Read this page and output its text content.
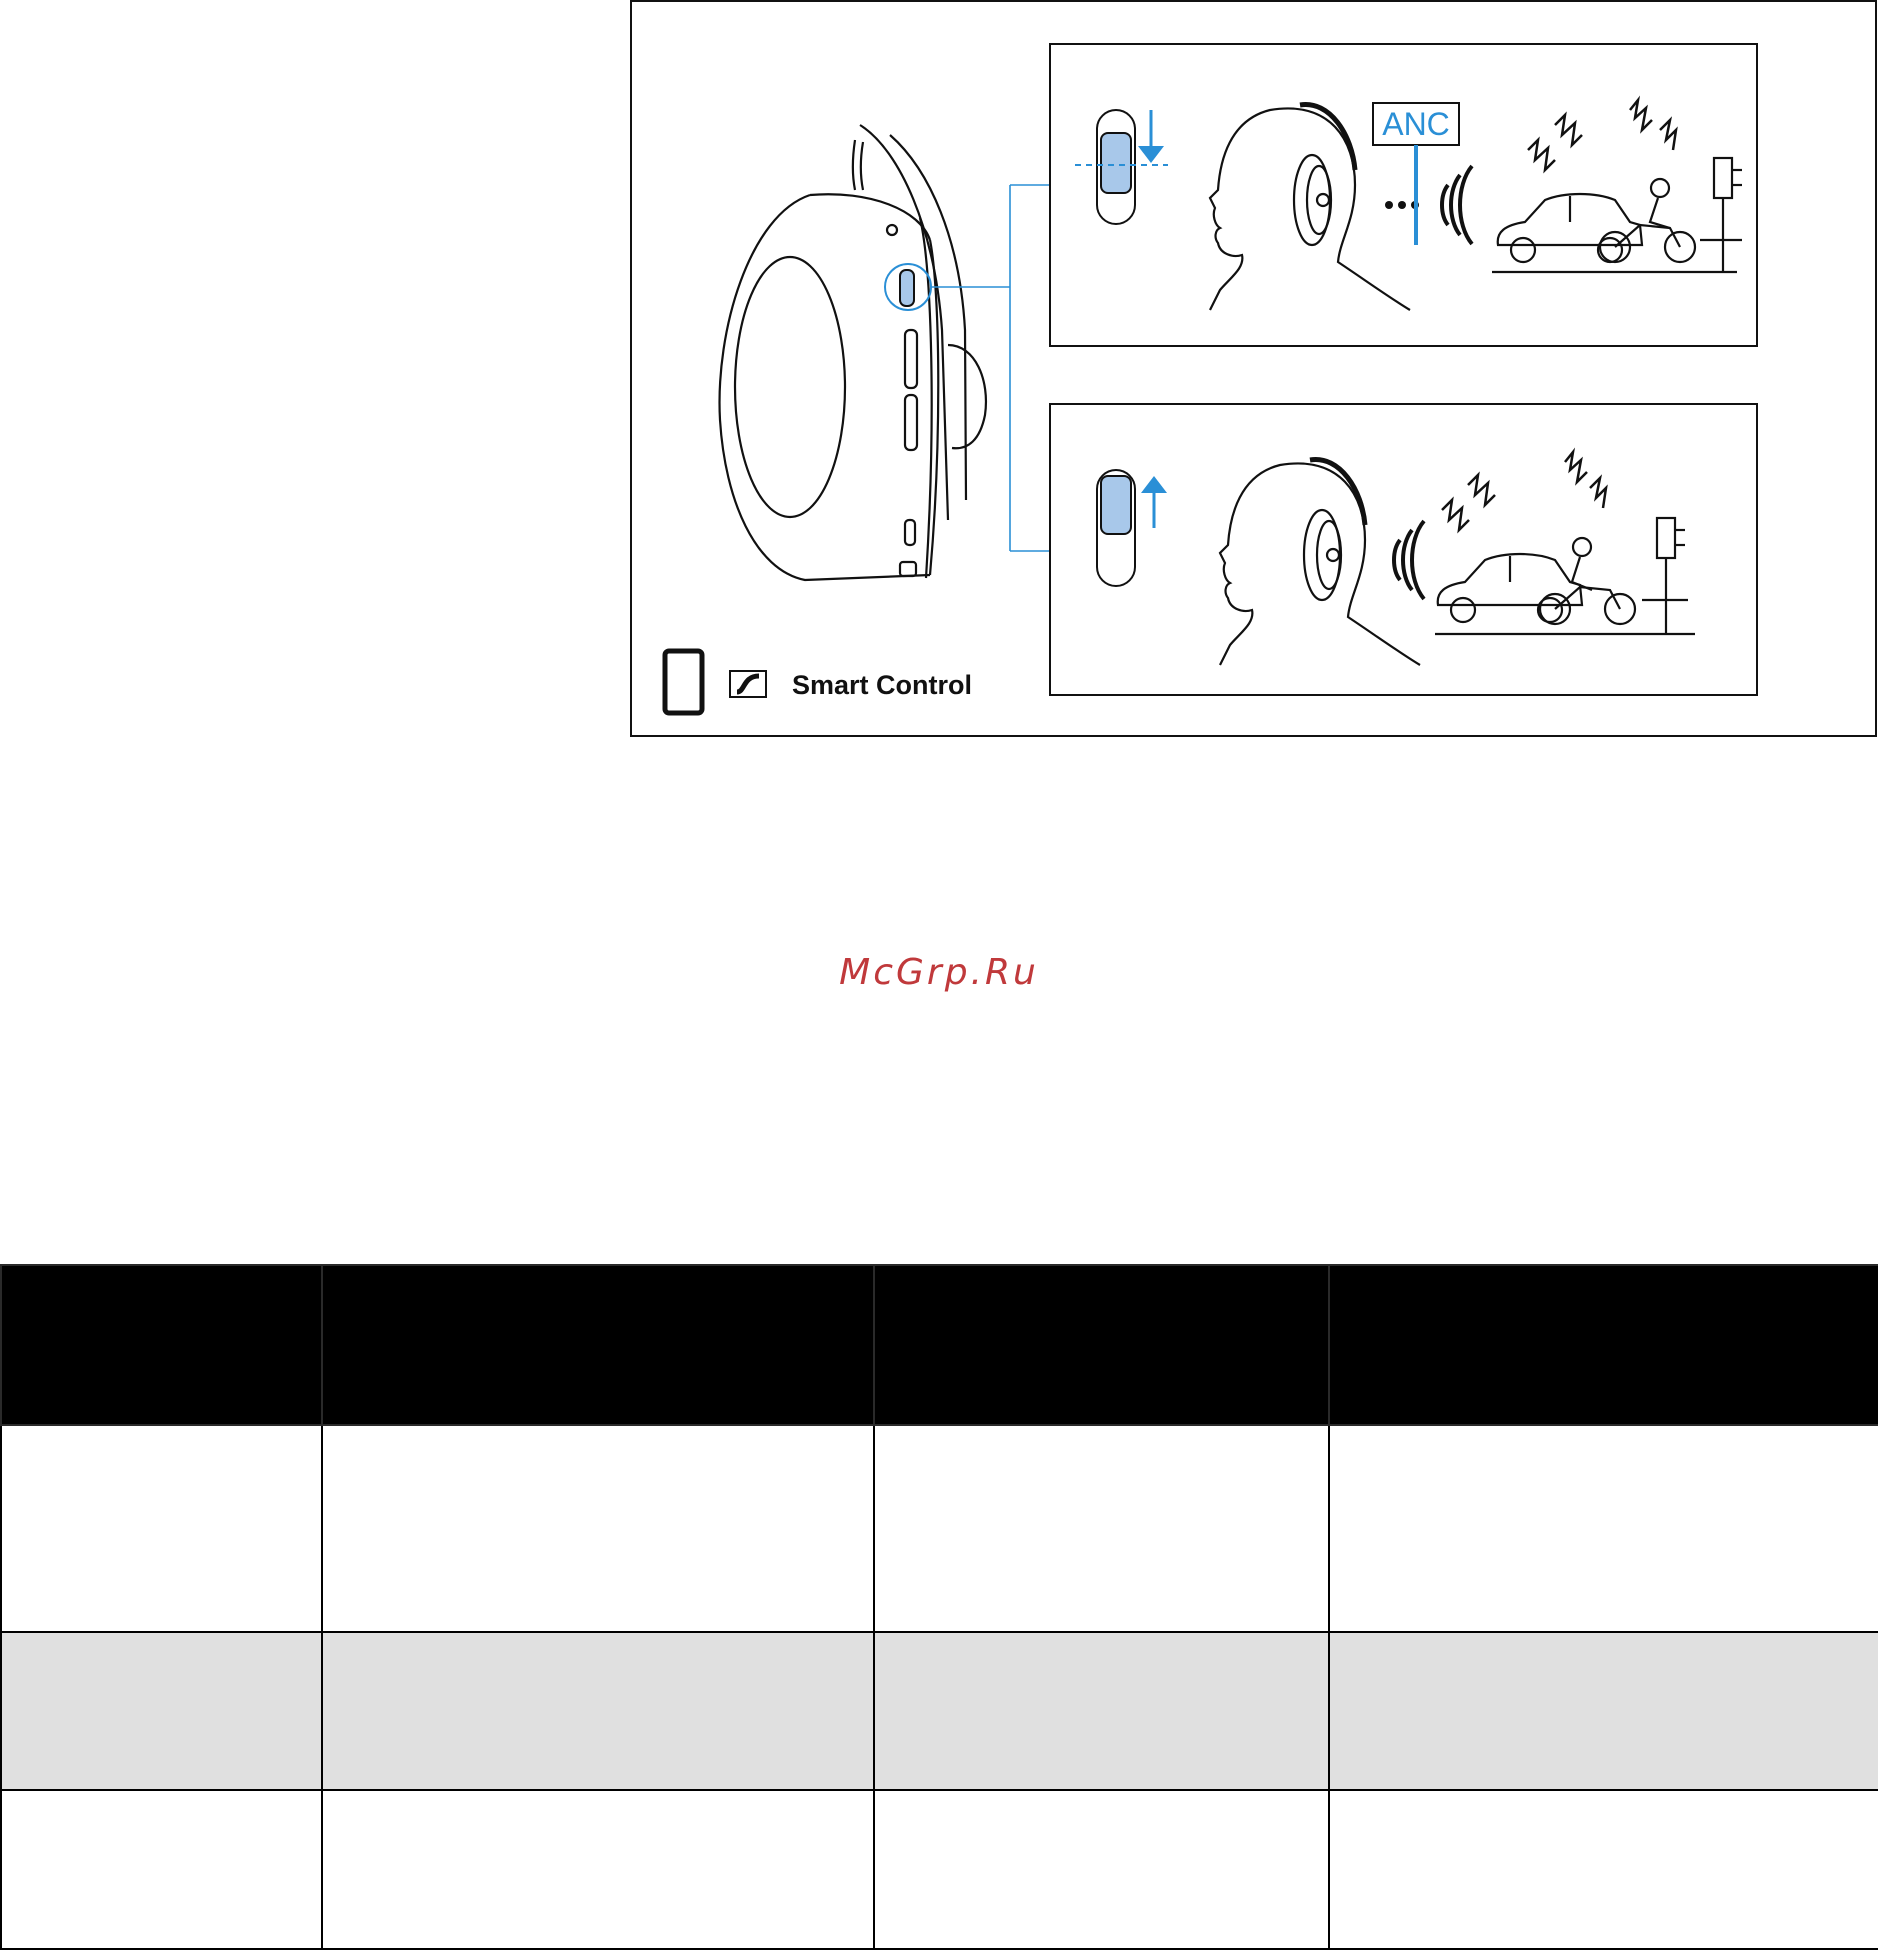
ANC
Smart Control
McGrp.Ru
